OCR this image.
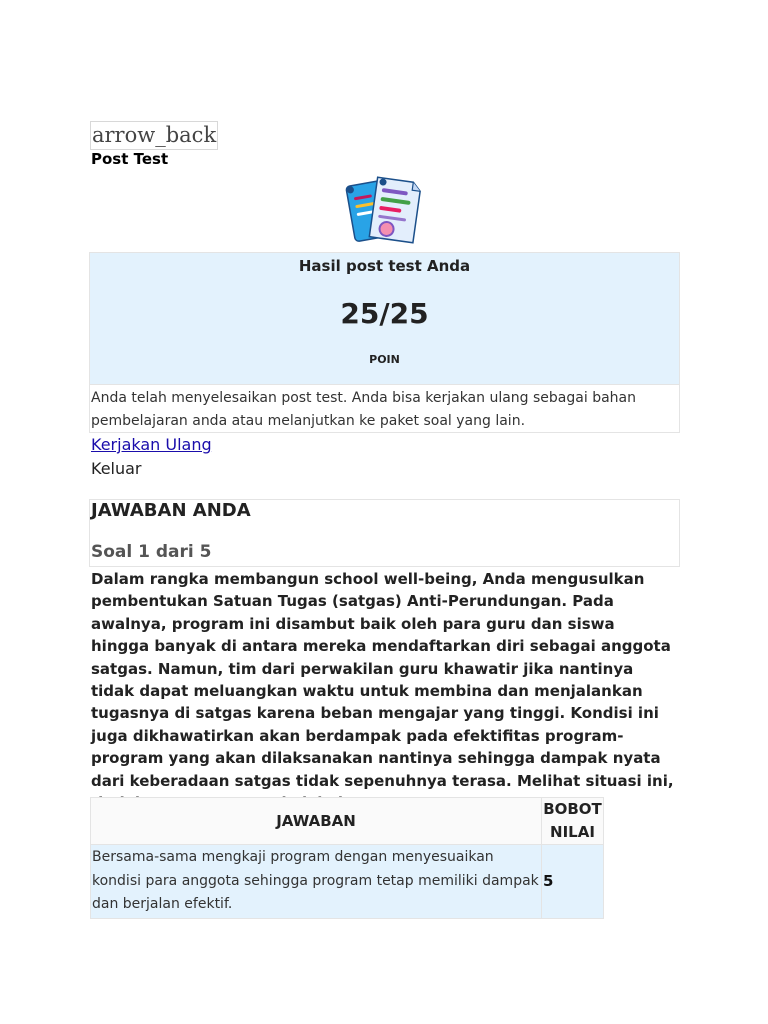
arrow_back
Post Test
Hasil post test Anda
25/25
POIN
Anda telah menyelesaikan post test. Anda bisa kerjakan ulang sebagai bahan pembelajaran anda atau melanjutkan ke paket soal yang lain.
Kerjakan Ulang
Keluar
JAWABAN ANDA
Soal 1 dari 5
Dalam rangka membangun school well-being, Anda mengusulkan pembentukan Satuan Tugas (satgas) Anti-Perundungan. Pada awalnya, program ini disambut baik oleh para guru dan siswa hingga banyak di antara mereka mendaftarkan diri sebagai anggota satgas. Namun, tim dari perwakilan guru khawatir jika nantinya tidak dapat meluangkan waktu untuk membina dan menjalankan tugasnya di satgas karena beban mengajar yang tinggi. Kondisi ini juga dikhawatirkan akan berdampak pada efektifitas program-program yang akan dilaksanakan nantinya sehingga dampak nyata dari keberadaan satgas tidak sepenuhnya terasa. Melihat situasi ini,
JAWABAN	BOBOT NILAI
Bersama-sama mengkaji program dengan menyesuaikan kondisi para anggota sehingga program tetap memiliki dampak dan berjalan efektif.	5
